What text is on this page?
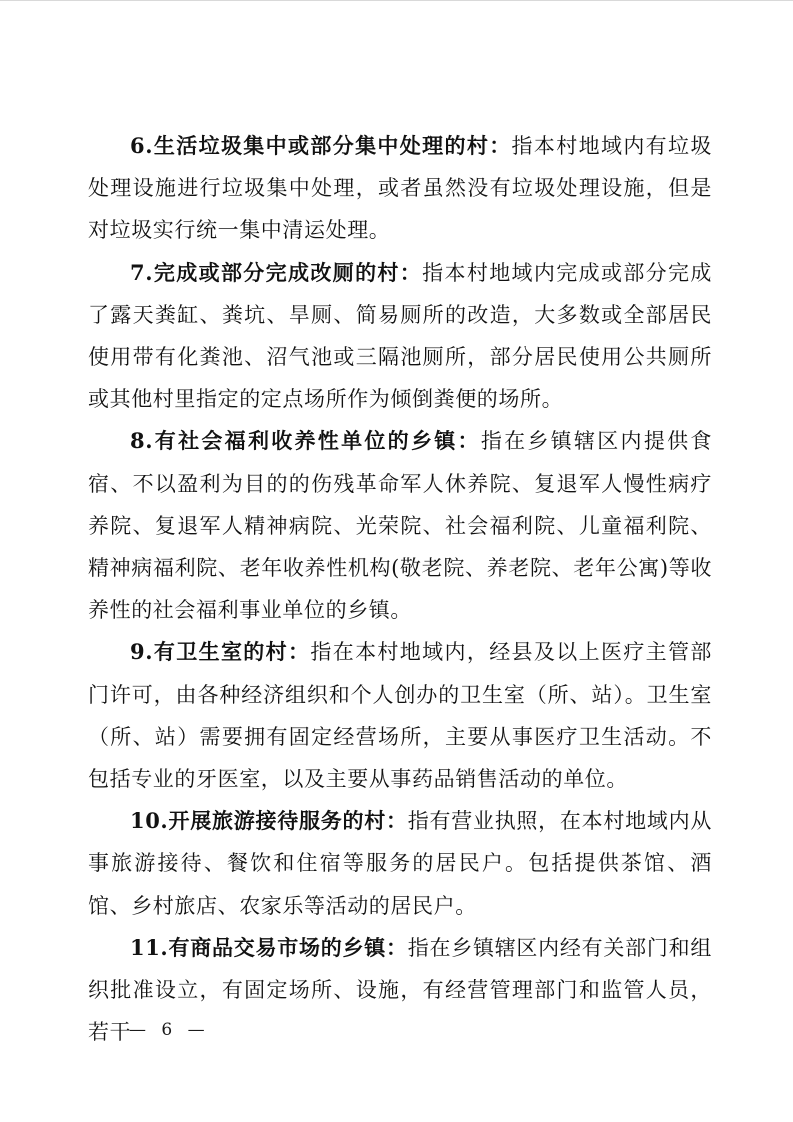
6.生活垃圾集中或部分集中处理的村：指本村地域内有垃圾处理设施进行垃圾集中处理，或者虽然没有垃圾处理设施，但是对垃圾实行统一集中清运处理。

7.完成或部分完成改厕的村：指本村地域内完成或部分完成了露天粪缸、粪坑、旱厕、简易厕所的改造，大多数或全部居民使用带有化粪池、沼气池或三隔池厕所，部分居民使用公共厕所或其他村里指定的定点场所作为倾倒粪便的场所。

8.有社会福利收养性单位的乡镇：指在乡镇辖区内提供食宿、不以盈利为目的的伤残革命军人休养院、复退军人慢性病疗养院、复退军人精神病院、光荣院、社会福利院、儿童福利院、精神病福利院、老年收养性机构(敬老院、养老院、老年公寓)等收养性的社会福利事业单位的乡镇。

9.有卫生室的村：指在本村地域内，经县及以上医疗主管部门许可，由各种经济组织和个人创办的卫生室（所、站）。卫生室（所、站）需要拥有固定经营场所，主要从事医疗卫生活动。不包括专业的牙医室，以及主要从事药品销售活动的单位。

10.开展旅游接待服务的村：指有营业执照，在本村地域内从事旅游接待、餐饮和住宿等服务的居民户。包括提供茶馆、酒馆、乡村旅店、农家乐等活动的居民户。

11.有商品交易市场的乡镇：指在乡镇辖区内经有关部门和组织批准设立，有固定场所、设施，有经营管理部门和监管人员，若干

— 6 —
